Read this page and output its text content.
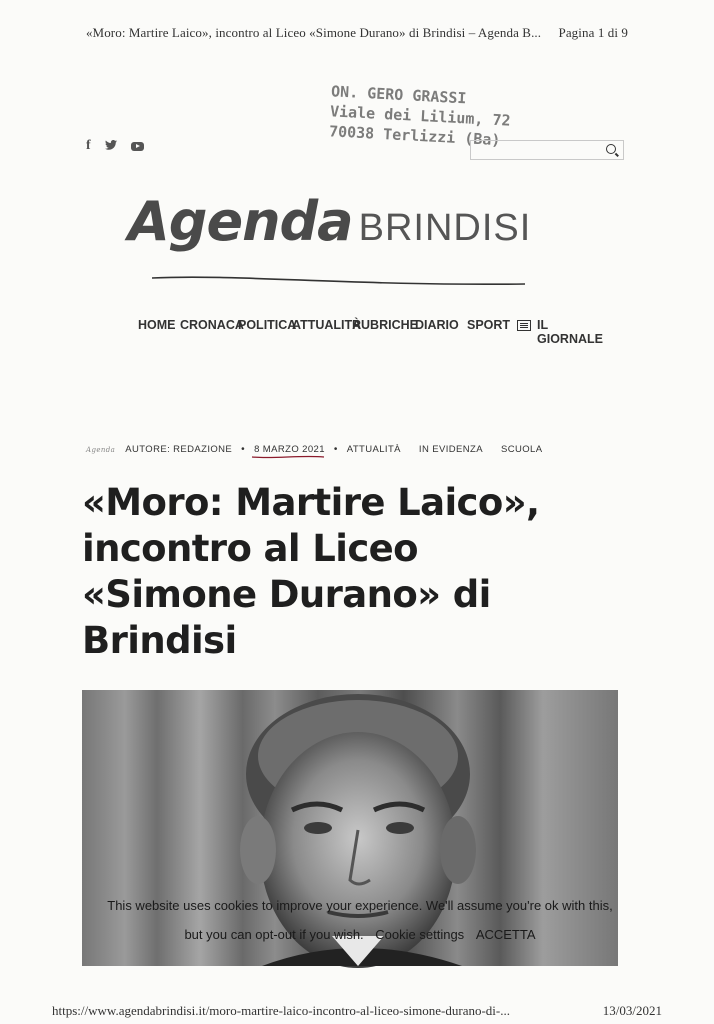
«Moro: Martire Laico», incontro al Liceo «Simone Durano» di Brindisi – Agenda B... Pagina 1 di 9
ON. GERO GRASSI
Viale dei Lilium, 72
70038 Terlizzi (Ba)
f
Agenda BRINDISI
HOME CRONACA
POLITICA
ATTUALITÀ
RUBRICHE
DIARIO SPORT IL GIORNALE
Agenda AUTORE: REDAZIONE • 8 MARZO 2021 • ATTUALITÀ IN EVIDENZA SCUOLA
«Moro: Martire Laico», incontro al Liceo «Simone Durano» di Brindisi
This website uses cookies to improve your experience. We'll assume you're ok with this,
but you can opt-out if you wish. Cookie settings ACCETTA
https://www.agendabrindisi.it/moro-martire-laico-incontro-al-liceo-simone-durano-di-...	13/03/2021
